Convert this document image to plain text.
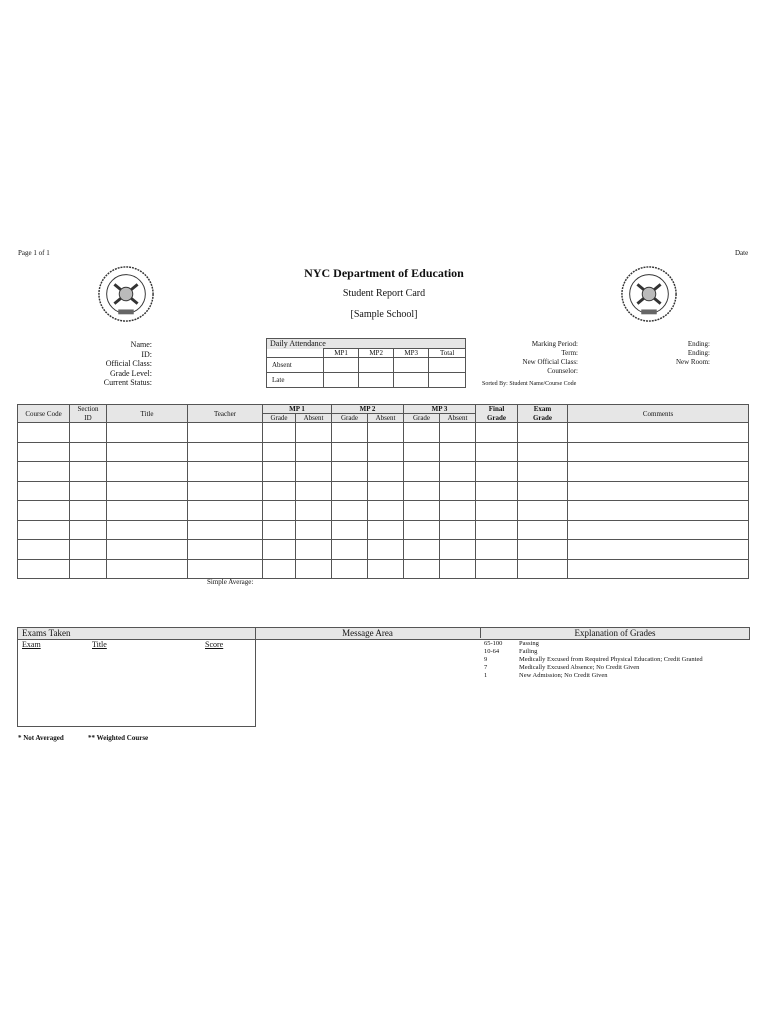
Page 1 of 1	Date
NYC Department of Education
Student Report Card
[Sample School]
Name:
ID:
Official Class:
Grade Level:
Current Status:
Daily Attendance				
	MP1	MP2	MP3	Total
Absent				
Late				
Marking Period:
Term:
New Official Class:
Counselor:
Ending:
Ending:
New Room:
Sorted By: Student Name/Course Code
Course Code	Section	Title	Teacher	MP 1		MP 2		MP 3		Final	Exam	Comments
	ID			Grade	Absent	Grade	Absent	Grade	Absent	Grade	Grade	

Simple Average:
Exams Taken
Exam	Title	Score
Message Area	Explanation of Grades
65-100	Passing
10-64	Failing
9	Medically Excused from Required Physical Education; Credit Granted
7	Medically Excused Absence; No Credit Given
1	New Admission; No Credit Given
* Not Averaged	** Weighted Course
